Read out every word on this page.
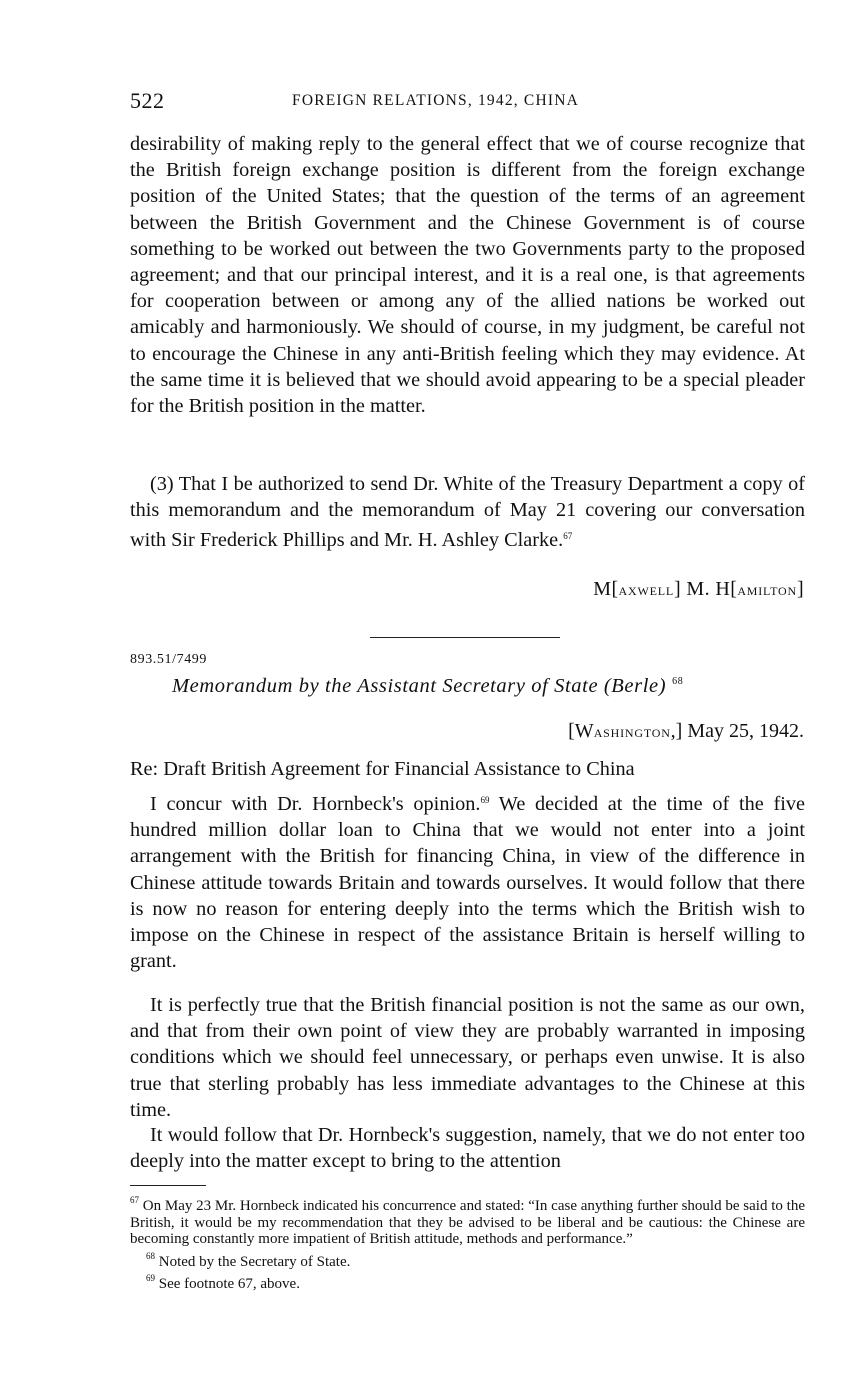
522	FOREIGN RELATIONS, 1942, CHINA

desirability of making reply to the general effect that we of course recognize that the British foreign exchange position is different from the foreign exchange position of the United States; that the question of the terms of an agreement between the British Government and the Chinese Government is of course something to be worked out between the two Governments party to the proposed agreement; and that our principal interest, and it is a real one, is that agreements for cooperation between or among any of the allied nations be worked out amicably and harmoniously. We should of course, in my judgment, be careful not to encourage the Chinese in any anti-British feeling which they may evidence. At the same time it is believed that we should avoid appearing to be a special pleader for the British position in the matter.

(3) That I be authorized to send Dr. White of the Treasury Department a copy of this memorandum and the memorandum of May 21 covering our conversation with Sir Frederick Phillips and Mr. H. Ashley Clarke.$^{67}$

M[axwell] M. H[amilton]
893.51/7499
Memorandum by the Assistant Secretary of State (Berle) $^{68}$
[Washington,] May 25, 1942.
Re: Draft British Agreement for Financial Assistance to China

I concur with Dr. Hornbeck's opinion.$^{69}$ We decided at the time of the five hundred million dollar loan to China that we would not enter into a joint arrangement with the British for financing China, in view of the difference in Chinese attitude towards Britain and towards ourselves. It would follow that there is now no reason for entering deeply into the terms which the British wish to impose on the Chinese in respect of the assistance Britain is herself willing to grant.

It is perfectly true that the British financial position is not the same as our own, and that from their own point of view they are probably warranted in imposing conditions which we should feel unnecessary, or perhaps even unwise. It is also true that sterling probably has less immediate advantages to the Chinese at this time.

It would follow that Dr. Hornbeck's suggestion, namely, that we do not enter too deeply into the matter except to bring to the attention

$^{67}$ On May 23 Mr. Hornbeck indicated his concurrence and stated: “In case anything further should be said to the British, it would be my recommendation that they be advised to be liberal and be cautious: the Chinese are becoming constantly more impatient of British attitude, methods and performance.”

$^{68}$ Noted by the Secretary of State.

$^{69}$ See footnote 67, above.
